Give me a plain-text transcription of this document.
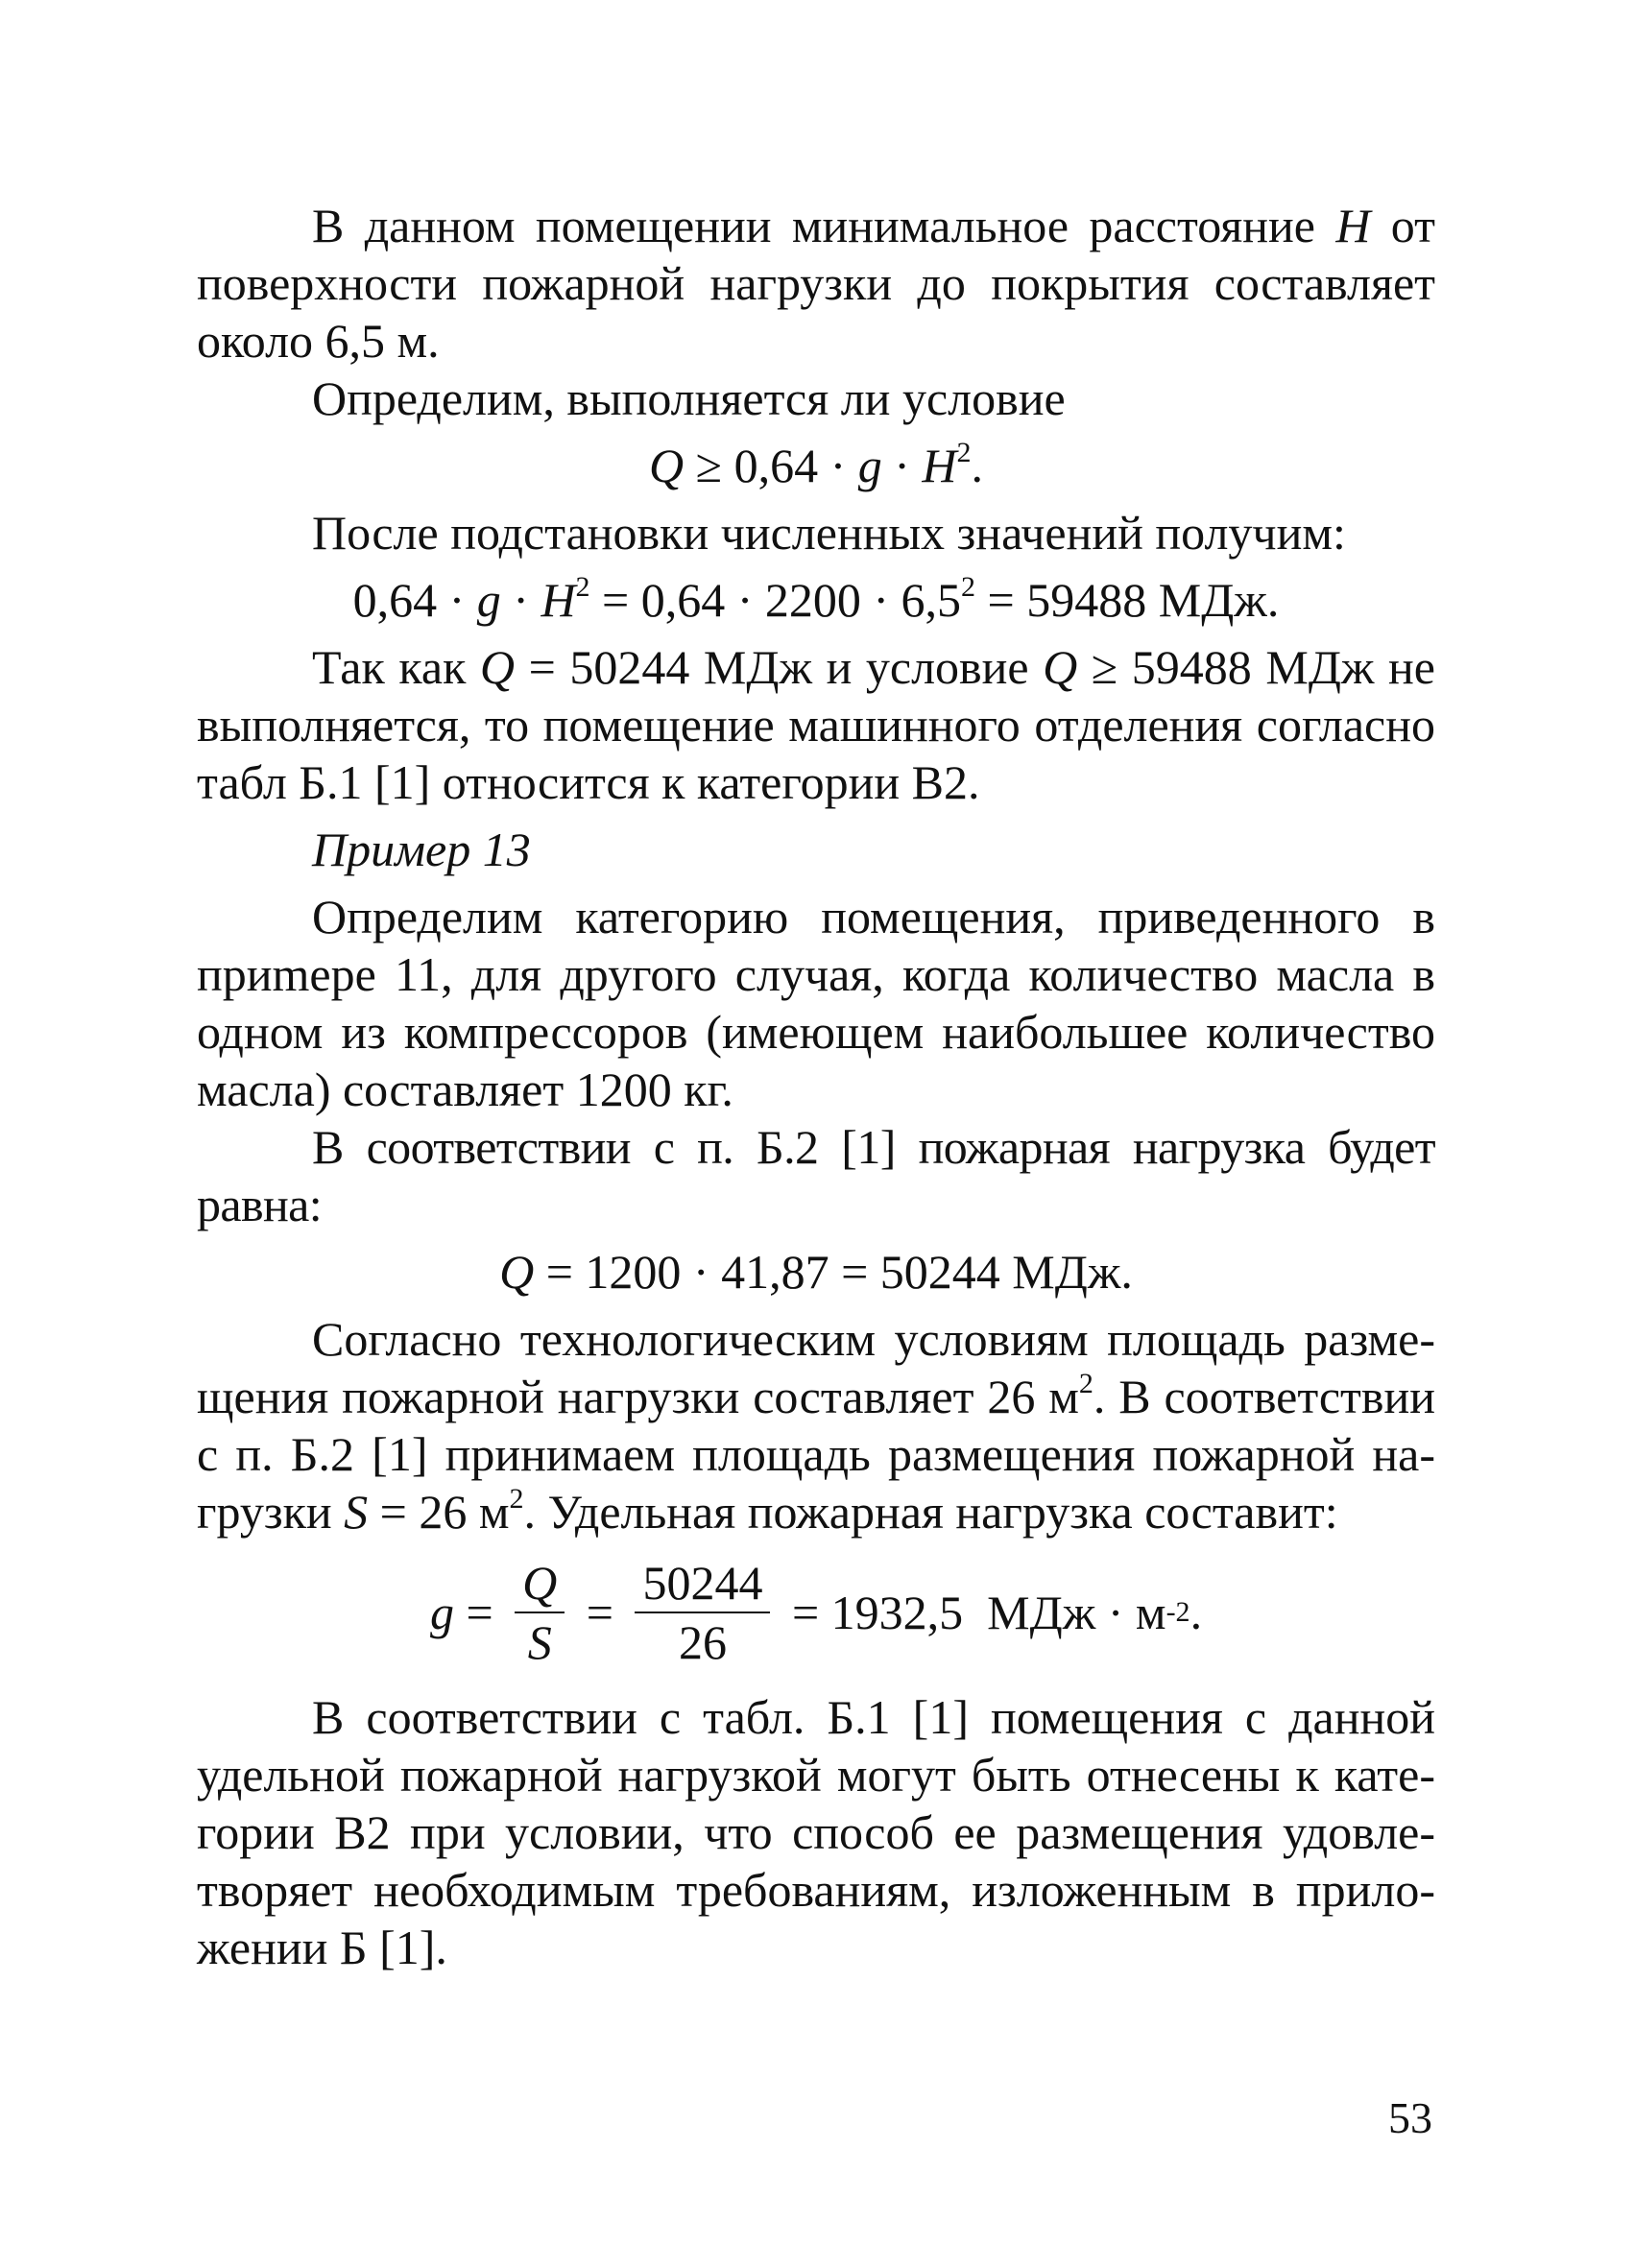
В данном помещении минимальное расстояние H от поверхности пожарной нагрузки до покрытия составляет около 6,5 м.

Определим, выполняется ли условие

$Q \ge 0,64 \cdot g \cdot H^2$.

После подстановки численных значений получим:

$0,64 \cdot g \cdot H^2 = 0,64 \cdot 2200 \cdot 6,5^2 = 59488$ МДж.

Так как Q = 50244 МДж и условие Q ≥ 59488 МДж не выполняется, то помещение машинного отделения согласно табл Б.1 [1] относится к категории В2.

Пример 13

Определим категорию помещения, приведенного в приmере 11, для другого случая, когда количество масла в одном из компрессоров (имеющем наибольшее количество масла) составляет 1200 кг.

В соответствии с п. Б.2 [1] пожарная нагрузка будет равна:

Q = 1200 · 41,87 = 50244 МДж.

Согласно технологическим условиям площадь размещения пожарной нагрузки составляет 26 $м^2$. В соответствии с п. Б.2 [1] принимаем площадь размещения пожарной нагрузки S = 26 $м^2$. Удельная пожарная нагрузка составит:

$g = \frac{Q}{S} = \frac{50244}{26} = 1932,5$  МДж · м -2 .

В соответствии с табл. Б.1 [1] помещения с данной удельной пожарной нагрузкой могут быть отнесены к категории В2 при условии, что способ ее размещения удовлетворяет необходимым требованиям, изложенным в приложении Б [1].

53
